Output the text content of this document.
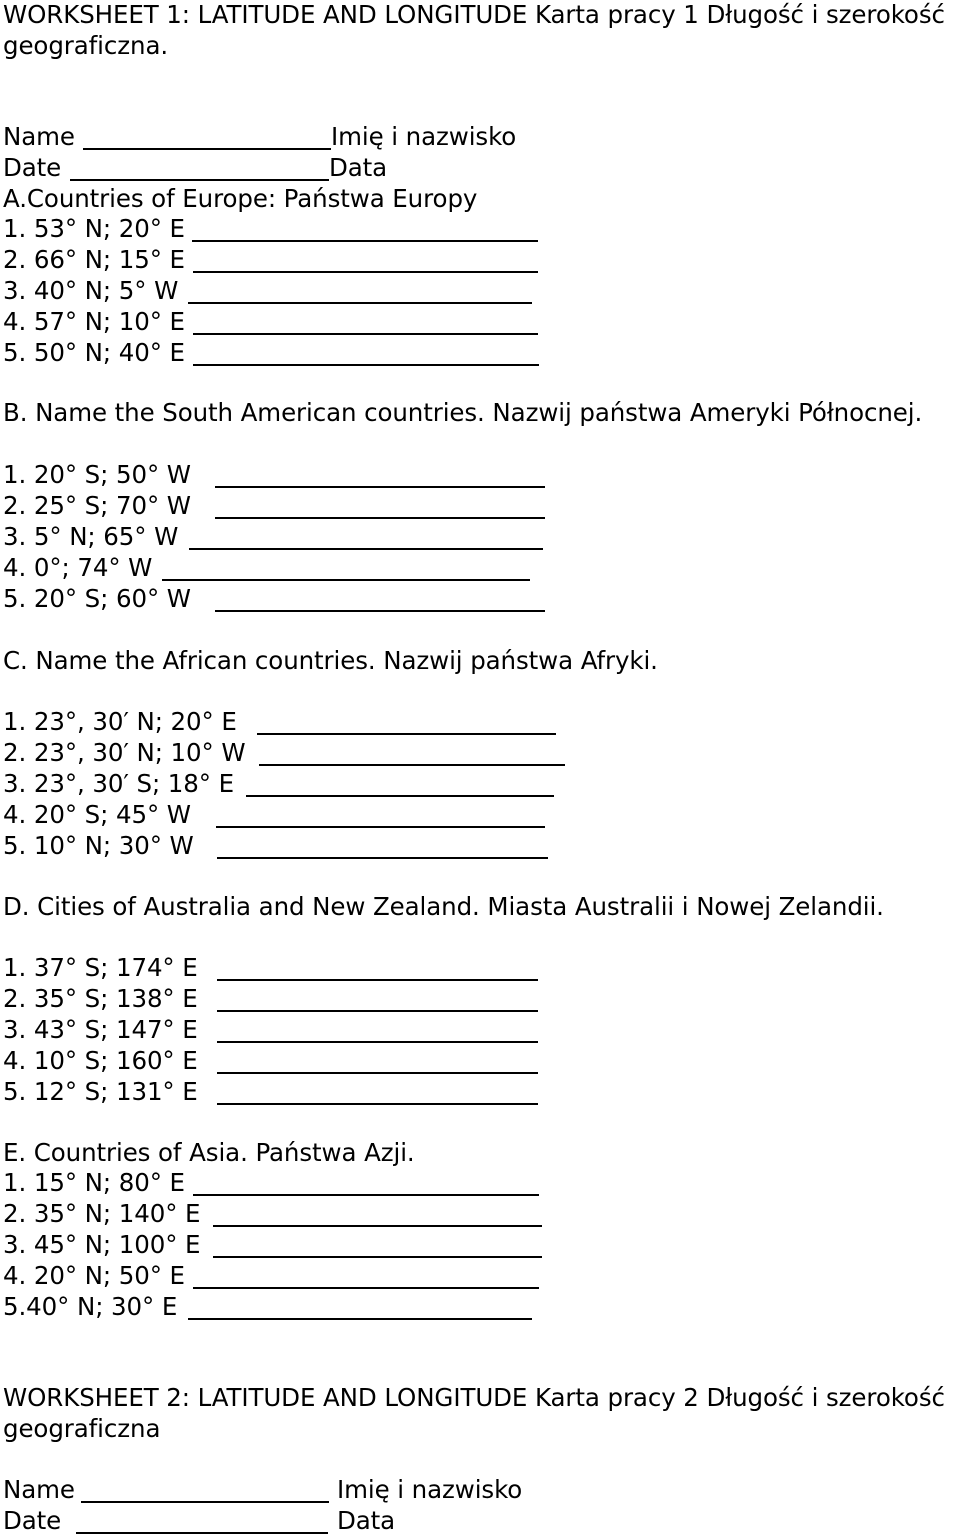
WORKSHEET 1: LATITUDE AND LONGITUDE Karta pracy 1 Długość i szerokość
geograficzna.
Name	Imię i nazwisko
Date	Data
A.Countries of Europe: Państwa Europy
1. 53° N; 20° E
2. 66° N; 15° E
3. 40° N; 5° W
4. 57° N; 10° E
5. 50° N; 40° E
B. Name the South American countries. Nazwij państwa Ameryki Północnej.
1. 20° S; 50° W
2. 25° S; 70° W
3. 5° N; 65° W
4. 0°; 74° W
5. 20° S; 60° W
C. Name the African countries. Nazwij państwa Afryki.
1. 23°, 30′ N; 20° E
2. 23°, 30′ N; 10° W
3. 23°, 30′ S; 18° E
4. 20° S; 45° W
5. 10° N; 30° W
D. Cities of Australia and New Zealand. Miasta Australii i Nowej Zelandii.
1. 37° S; 174° E
2. 35° S; 138° E
3. 43° S; 147° E
4. 10° S; 160° E
5. 12° S; 131° E
E. Countries of Asia. Państwa Azji.
1. 15° N; 80° E
2. 35° N; 140° E
3. 45° N; 100° E
4. 20° N; 50° E
5.40° N; 30° E
WORKSHEET 2: LATITUDE AND LONGITUDE Karta pracy 2 Długość i szerokość
geograficzna
Name	Imię i nazwisko
Date	Data
